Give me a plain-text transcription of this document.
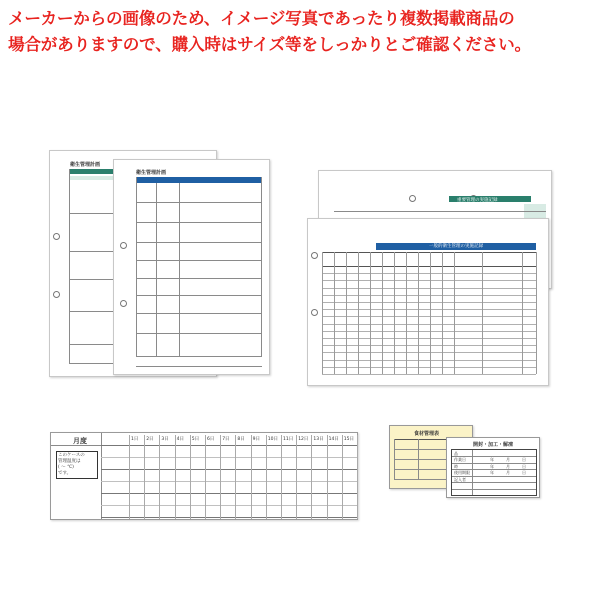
メーカーからの画像のため、イメージ写真であったり複数掲載商品の
場合がありますので、購入時はサイズ等をしっかりとご確認ください。
衛生管理計画
衛生管理計画
重要管理の実施記録
一般的衛生管理の実施記録
月度
このケースの
管理温度は
( ～ ℃)
です。
1日 2日 3日 4日 5日 6日 7日 8日 9日 10日 11日 12日 13日 14日 15日
食材管理表
開封・加工・解凍
品
作業日	年	月	日
時	年	月	日
使用期限	年	月	日
記入者
